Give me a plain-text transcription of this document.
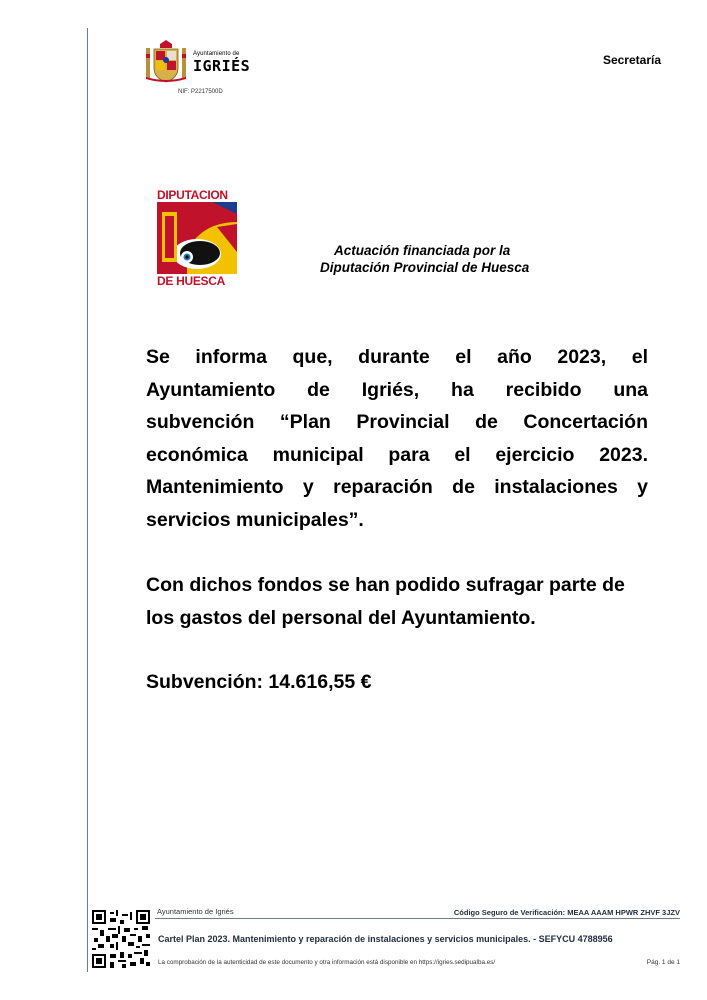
Ayuntamiento de
IGRIÉS
NIF: P2217500D
Secretaría
DIPUTACION
DE HUESCA
Actuación financiada por la
Diputación Provincial de Huesca
Se informa que, durante el año 2023, el
Ayuntamiento de Igriés, ha recibido una
subvención “Plan Provincial de Concertación
económica municipal para el ejercicio 2023.
Mantenimiento y reparación de instalaciones y
servicios municipales”.
Con dichos fondos se han podido sufragar parte de
los gastos del personal del Ayuntamiento.
Subvención: 14.616,55 €
Ayuntamiento de Igriés	Código Seguro de Verificación: MEAA AAAM HPWR ZHVF 3JZV
Cartel Plan 2023. Mantenimiento y reparación de instalaciones y servicios municipales. - SEFYCU 4788956
La comprobación de la autenticidad de este documento y otra información está disponible en https://igries.sedipualba.es/	Pág. 1 de 1
